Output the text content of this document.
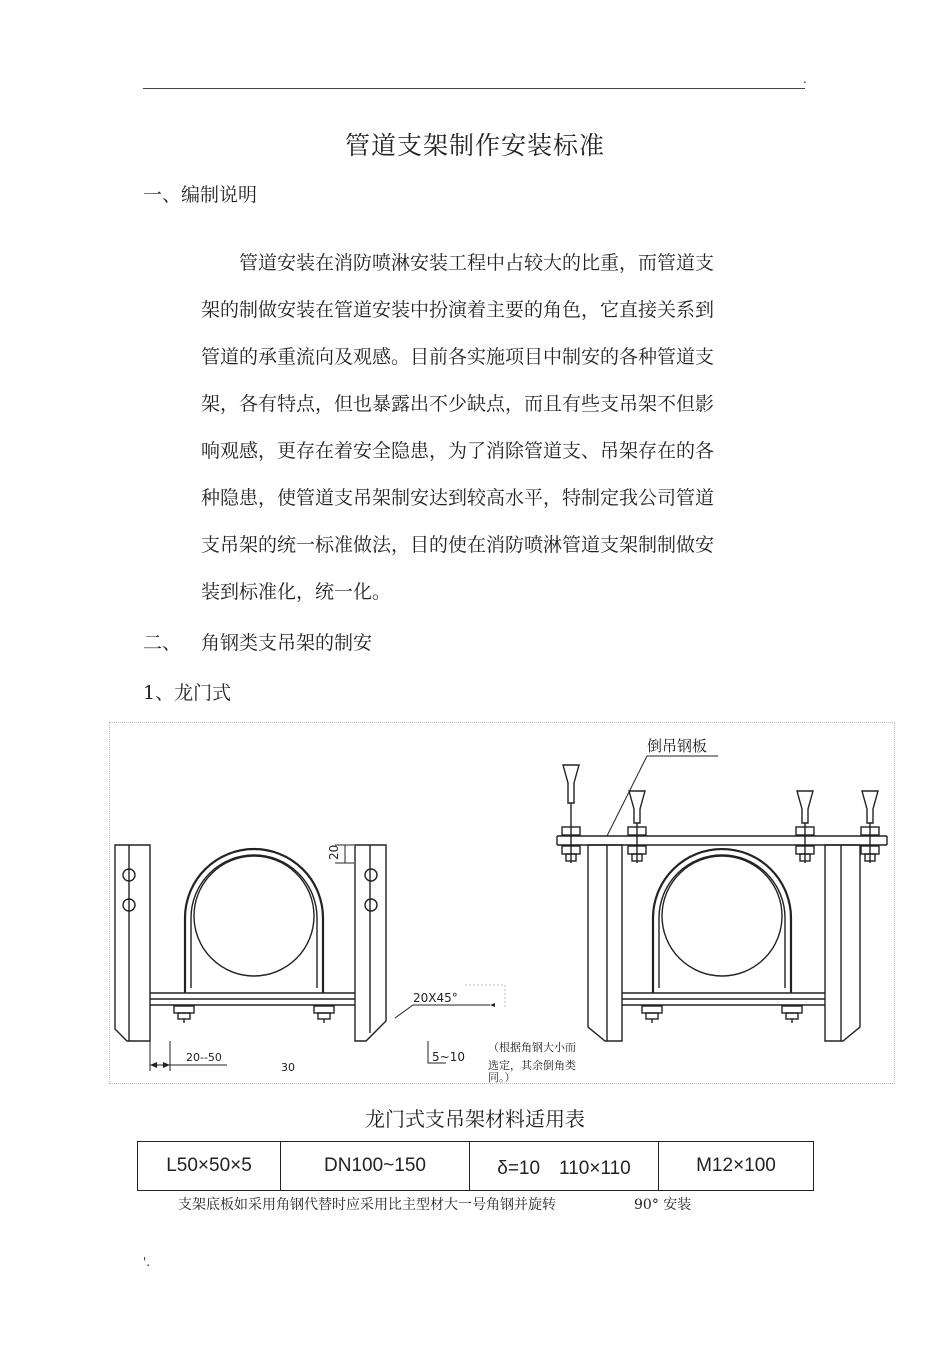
.
管道支架制作安装标准
一、编制说明
　　管道安装在消防喷淋安装工程中占较大的比重，而管道支
架的制做安装在管道安装中扮演着主要的角色，它直接关系到
管道的承重流向及观感。目前各实施项目中制安的各种管道支
架，各有特点，但也暴露出不少缺点，而且有些支吊架不但影
响观感，更存在着安全隐患，为了消除管道支、吊架存在的各
种隐患，使管道支吊架制安达到较高水平，特制定我公司管道
支吊架的统一标准做法，目的使在消防喷淋管道支架制制做安
装到标准化，统一化。
二、 角钢类支吊架的制安
1、龙门式
倒吊钢板
20
20X45°
20--50
30
5~10
（根据角钢大小而
选定，其余倒角类
同。）
龙门式支吊架材料适用表
L50×50×5	DN100~150	δ=10　110×110	M12×100
支架底板如采用角钢代替时应采用比主型材大一号角钢并旋转	90° 安装
'.
